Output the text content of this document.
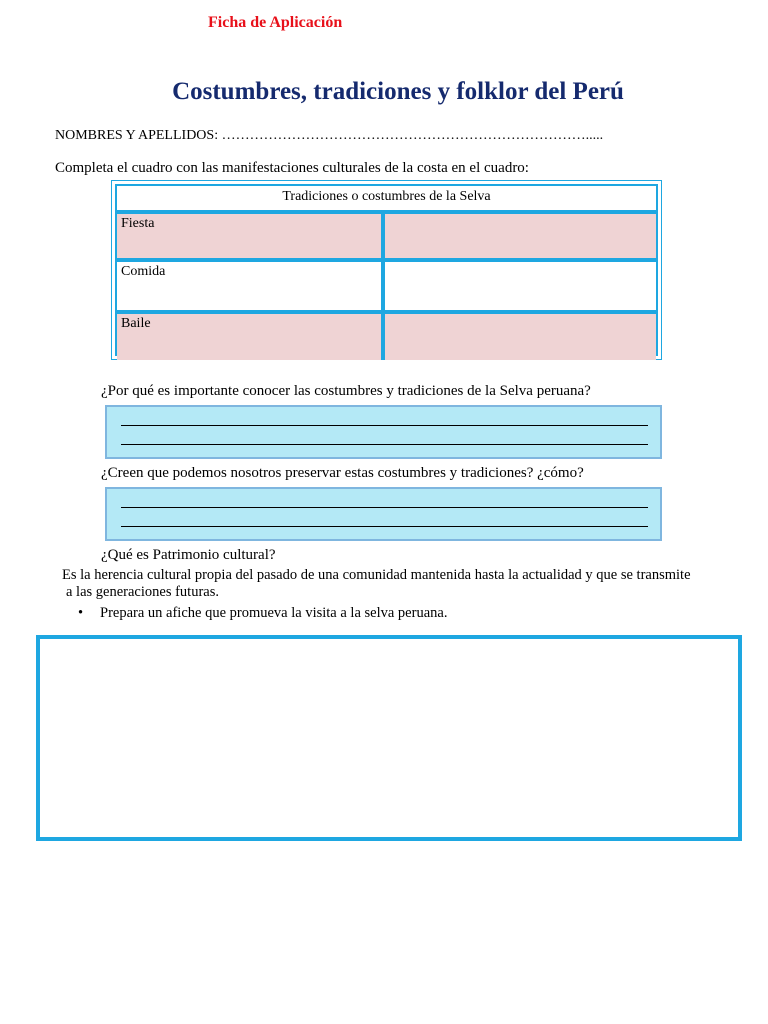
Ficha de Aplicación
Costumbres, tradiciones y folklor del Perú
NOMBRES Y APELLIDOS: …………………………………………………………………….....
Completa el cuadro con las manifestaciones culturales de la costa en el cuadro:
Tradiciones o costumbres de la Selva
Fiesta
Comida
Baile
¿Por qué es importante conocer las costumbres y tradiciones de la Selva peruana?
¿Creen que podemos nosotros preservar estas costumbres y tradiciones? ¿cómo?
¿Qué es Patrimonio cultural?
Es la herencia cultural propia del pasado de una comunidad mantenida hasta la actualidad y que se transmite
a las generaciones futuras.
• Prepara un afiche que promueva la visita a la selva peruana.
